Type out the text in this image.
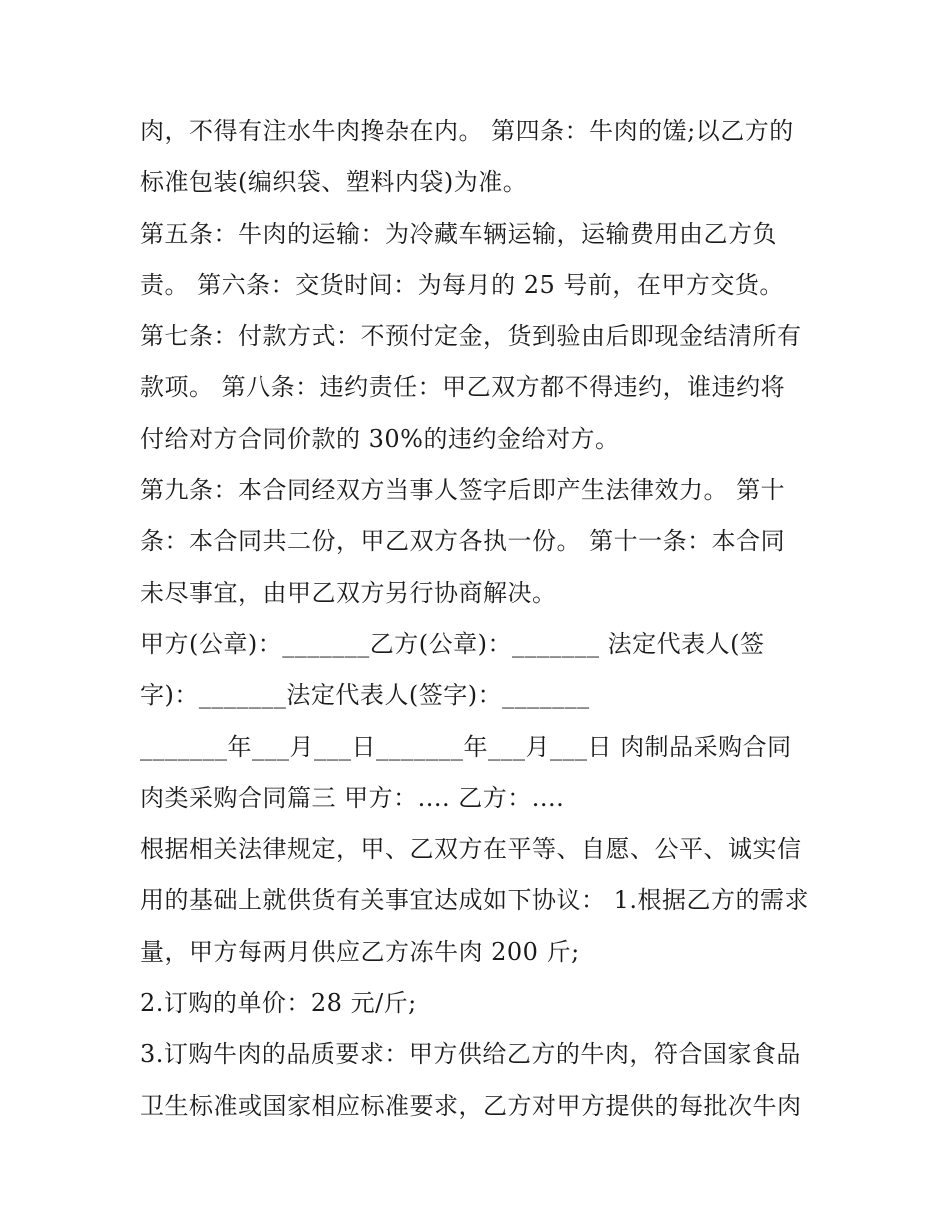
肉，不得有注水牛肉搀杂在内。 第四条：牛肉的馐;以乙方的
标准包装(编织袋、塑料内袋)为准。
第五条：牛肉的运输：为冷藏车辆运输，运输费用由乙方负
责。 第六条：交货时间：为每月的 25 号前，在甲方交货。
第七条：付款方式：不预付定金，货到验由后即现金结清所有
款项。 第八条：违约责任：甲乙双方都不得违约，谁违约将
付给对方合同价款的 30%的违约金给对方。
第九条：本合同经双方当事人签字后即产生法律效力。 第十
条：本合同共二份，甲乙双方各执一份。 第十一条：本合同
未尽事宜，由甲乙双方另行协商解决。
甲方(公章)：_______乙方(公章)：_______ 法定代表人(签
字)：_______法定代表人(签字)：_______
_______年___月___日_______年___月___日 肉制品采购合同
肉类采购合同篇三 甲方：.... 乙方：....
根据相关法律规定，甲、乙双方在平等、自愿、公平、诚实信
用的基础上就供货有关事宜达成如下协议： 1.根据乙方的需求
量，甲方每两月供应乙方冻牛肉 200 斤;
2.订购的单价：28 元/斤;
3.订购牛肉的品质要求：甲方供给乙方的牛肉，符合国家食品
卫生标准或国家相应标准要求，乙方对甲方提供的每批次牛肉
